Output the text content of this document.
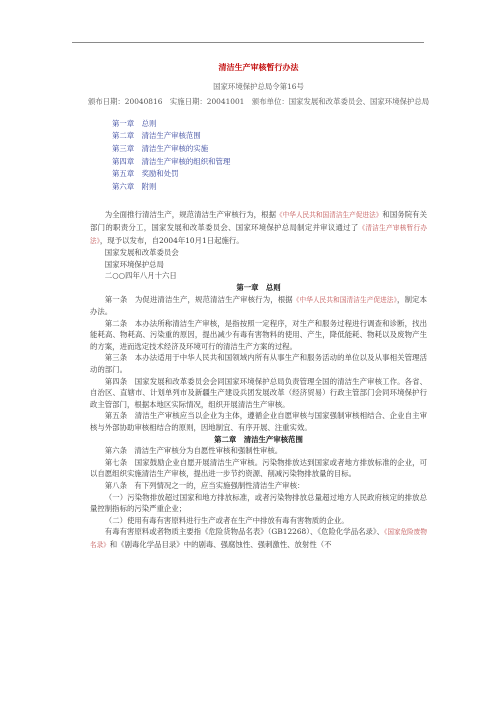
清洁生产审核暂行办法
国家环境保护总局令第16号
颁布日期：20040816　实施日期：20041001　颁布单位：国家发展和改革委员会、国家环境保护总局
第一章　总则
第二章　清洁生产审核范围
第三章　清洁生产审核的实施
第四章　清洁生产审核的组织和管理
第五章　奖励和处罚
第六章　附则
为全面推行清洁生产，规范清洁生产审核行为，根据《中华人民共和国清洁生产促进法》和国务院有关部门的职责分工，国家发展和改革委员会、国家环境保护总局制定并审议通过了《清洁生产审核暂行办法》，现予以发布，自2004年10月1日起施行。
国家发展和改革委员会
国家环境保护总局
二○○四年八月十六日
第一章　总则
第一条　为促进清洁生产，规范清洁生产审核行为，根据《中华人民共和国清洁生产促进法》，制定本办法。
第二条　本办法所称清洁生产审核，是指按照一定程序，对生产和服务过程进行调查和诊断，找出能耗高、物耗高、污染重的原因，提出减少有毒有害物料的使用、产生，降低能耗、物耗以及废物产生的方案，进而选定技术经济及环境可行的清洁生产方案的过程。
第三条　本办法适用于中华人民共和国领域内所有从事生产和服务活动的单位以及从事相关管理活动的部门。
第四条　国家发展和改革委员会会同国家环境保护总局负责管理全国的清洁生产审核工作。各省、自治区、直辖市、计划单列市及新疆生产建设兵团发展改革（经济贸易）行政主管部门会同环境保护行政主管部门，根据本地区实际情况，组织开展清洁生产审核。
第五条　清洁生产审核应当以企业为主体，遵循企业自愿审核与国家强制审核相结合、企业自主审核与外部协助审核相结合的原则，因地制宜、有序开展、注重实效。
第二章　清洁生产审核范围
第六条　清洁生产审核分为自愿性审核和强制性审核。
第七条　国家鼓励企业自愿开展清洁生产审核。污染物排放达到国家或者地方排放标准的企业，可以自愿组织实施清洁生产审核，提出进一步节约资源、削减污染物排放量的目标。
第八条　有下列情况之一的，应当实施强制性清洁生产审核：
（一）污染物排放超过国家和地方排放标准，或者污染物排放总量超过地方人民政府核定的排放总量控制指标的污染严重企业；
（二）使用有毒有害原料进行生产或者在生产中排放有毒有害物质的企业。
有毒有害原料或者物质主要指《危险货物品名表》（GB12268）、《危险化学品名录》、《国家危险废物名录》和《剧毒化学品目录》中的剧毒、强腐蚀性、强刺激性、放射性（不
